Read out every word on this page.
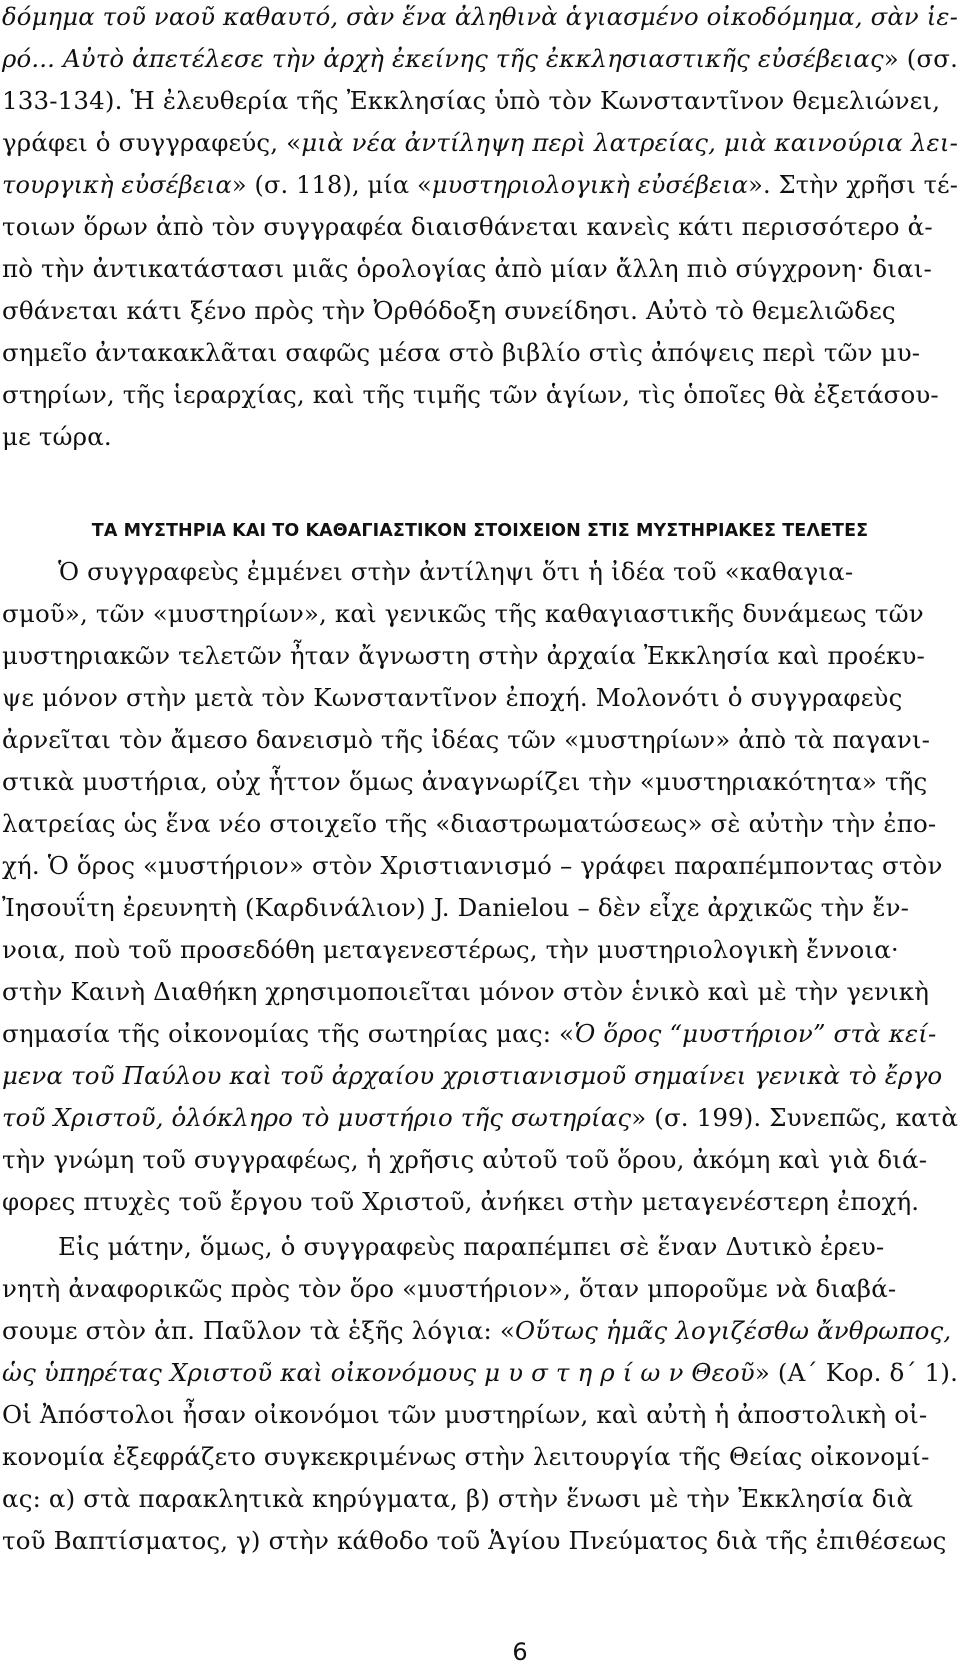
δόμημα τοῦ ναοῦ καθαυτό, σὰν ἕνα ἀληθινὰ ἁγιασμένο οἰκοδόμημα, σὰν ἱε-

ρό... Αὐτὸ ἀπετέλεσε τὴν ἀρχὴ ἐκείνης τῆς ἐκκλησιαστικῆς εὐσέβειας» (σσ.

133-134). Ἡ ἐλευθερία τῆς Ἐκκλησίας ὑπὸ τὸν Κωνσταντῖνον θεμελιώνει,

γράφει ὁ συγγραφεύς, «μιὰ νέα ἀντίληψη περὶ λατρείας, μιὰ καινούρια λει-

τουργικὴ εὐσέβεια» (σ. 118), μία «μυστηριολογικὴ εὐσέβεια». Στὴν χρῆσι τέ-

τοιων ὅρων ἀπὸ τὸν συγγραφέα διαισθάνεται κανεὶς κάτι περισσότερο ἀ-

πὸ τὴν ἀντικατάστασι μιᾶς ὁρολογίας ἀπὸ μίαν ἄλλη πιὸ σύγχρονη· διαι-

σθάνεται κάτι ξένο πρὸς τὴν Ὀρθόδοξη συνείδησι. Αὐτὸ τὸ θεμελιῶδες

σημεῖο ἀντακακλᾶται σαφῶς μέσα στὸ βιβλίο στὶς ἀπόψεις περὶ τῶν μυ-

στηρίων, τῆς ἱεραρχίας, καὶ τῆς τιμῆς τῶν ἁγίων, τὶς ὁποῖες θὰ ἐξετάσου-

με τώρα.

ΤΑ ΜΥΣΤΗΡΙΑ ΚΑΙ ΤΟ ΚΑΘΑΓΙΑΣΤΙΚΟΝ ΣΤΟΙΧΕΙΟΝ ΣΤΙΣ ΜΥΣΤΗΡΙΑΚΕΣ ΤΕΛΕΤΕΣ

Ὁ συγγραφεὺς ἐμμένει στὴν ἀντίληψι ὅτι ἡ ἰδέα τοῦ «καθαγια-

σμοῦ», τῶν «μυστηρίων», καὶ γενικῶς τῆς καθαγιαστικῆς δυνάμεως τῶν

μυστηριακῶν τελετῶν ἦταν ἄγνωστη στὴν ἀρχαία Ἐκκλησία καὶ προέκυ-

ψε μόνον στὴν μετὰ τὸν Κωνσταντῖνον ἐποχή. Μολονότι ὁ συγγραφεὺς

ἀρνεῖται τὸν ἄμεσο δανεισμὸ τῆς ἰδέας τῶν «μυστηρίων» ἀπὸ τὰ παγανι-

στικὰ μυστήρια, οὐχ ἧττον ὅμως ἀναγνωρίζει τὴν «μυστηριακότητα» τῆς

λατρείας ὡς ἕνα νέο στοιχεῖο τῆς «διαστρωματώσεως» σὲ αὐτὴν τὴν ἐπο-

χή. Ὁ ὅρος «μυστήριον» στὸν Χριστιανισμό – γράφει παραπέμποντας στὸν

Ἰησουΐτη ἐρευνητὴ (Καρδινάλιον) J. Danielou – δὲν εἶχε ἀρχικῶς τὴν ἔν-

νοια, ποὺ τοῦ προσεδόθη μεταγενεστέρως, τὴν μυστηριολογικὴ ἔννοια·

στὴν Καινὴ Διαθήκη χρησιμοποιεῖται μόνον στὸν ἑνικὸ καὶ μὲ τὴν γενικὴ

σημασία τῆς οἰκονομίας τῆς σωτηρίας μας: «Ὁ ὅρος “μυστήριον” στὰ κεί-

μενα τοῦ Παύλου καὶ τοῦ ἀρχαίου χριστιανισμοῦ σημαίνει γενικὰ τὸ ἔργο

τοῦ Χριστοῦ, ὁλόκληρο τὸ μυστήριο τῆς σωτηρίας» (σ. 199). Συνεπῶς, κατὰ

τὴν γνώμη τοῦ συγγραφέως, ἡ χρῆσις αὐτοῦ τοῦ ὅρου, ἀκόμη καὶ γιὰ διά-

φορες πτυχὲς τοῦ ἔργου τοῦ Χριστοῦ, ἀνήκει στὴν μεταγενέστερη ἐποχή.

Εἰς μάτην, ὅμως, ὁ συγγραφεὺς παραπέμπει σὲ ἕναν Δυτικὸ ἐρευ-

νητὴ ἀναφορικῶς πρὸς τὸν ὅρο «μυστήριον», ὅταν μποροῦμε νὰ διαβά-

σουμε στὸν ἀπ. Παῦλον τὰ ἑξῆς λόγια: «Οὕτως ἡμᾶς λογιζέσθω ἄνθρωπος,

ὡς ὑπηρέτας Χριστοῦ καὶ οἰκονόμους μ υ σ τ η ρ ί ω ν Θεοῦ» (Α΄ Κορ. δ΄ 1).

Οἱ Ἀπόστολοι ἦσαν οἰκονόμοι τῶν μυστηρίων, καὶ αὐτὴ ἡ ἀποστολικὴ οἰ-

κονομία ἐξεφράζετο συγκεκριμένως στὴν λειτουργία τῆς Θείας οἰκονομί-

ας: α) στὰ παρακλητικὰ κηρύγματα, β) στὴν ἕνωσι μὲ τὴν Ἐκκλησία διὰ

τοῦ Βαπτίσματος, γ) στὴν κάθοδο τοῦ Ἁγίου Πνεύματος διὰ τῆς ἐπιθέσεως

6
